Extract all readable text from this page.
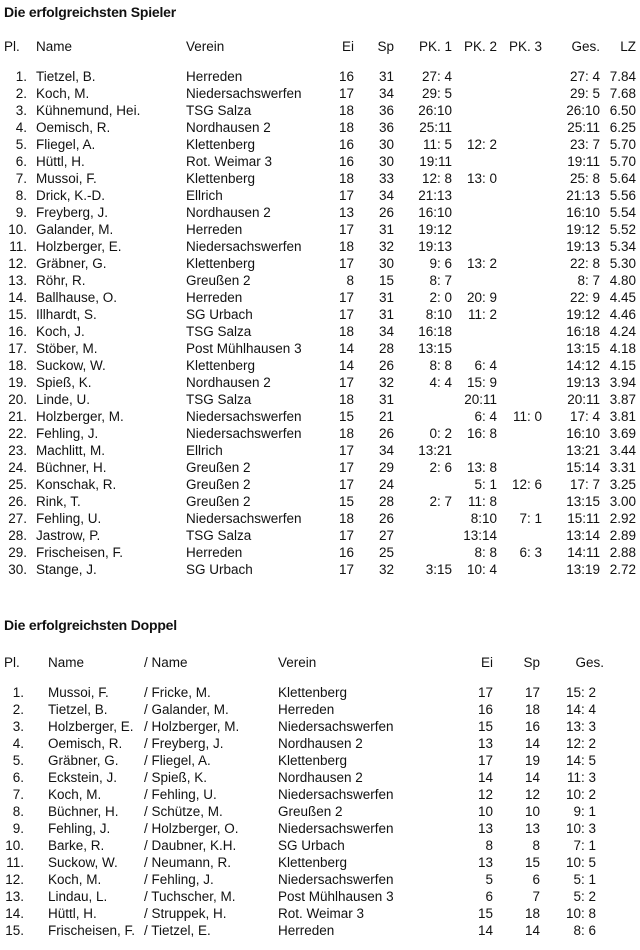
Die erfolgreichsten Spieler
Pl.	Name	Verein	Ei	Sp	PK. 1	PK. 2	PK. 3	Ges.	LZ
1.	Tietzel, B.	Herreden	16	31	27: 4			27: 4	7.84
2.	Koch, M.	Niedersachswerfen	17	34	29: 5			29: 5	7.68
3.	Kühnemund, Hei.	TSG Salza	18	36	26:10			26:10	6.50
4.	Oemisch, R.	Nordhausen 2	18	36	25:11			25:11	6.25
5.	Fliegel, A.	Klettenberg	16	30	11: 5	12: 2		23: 7	5.70
6.	Hüttl, H.	Rot. Weimar 3	16	30	19:11			19:11	5.70
7.	Mussoi, F.	Klettenberg	18	33	12: 8	13: 0		25: 8	5.64
8.	Drick, K.-D.	Ellrich	17	34	21:13			21:13	5.56
9.	Freyberg, J.	Nordhausen 2	13	26	16:10			16:10	5.54
10.	Galander, M.	Herreden	17	31	19:12			19:12	5.52
11.	Holzberger, E.	Niedersachswerfen	18	32	19:13			19:13	5.34
12.	Gräbner, G.	Klettenberg	17	30	9: 6	13: 2		22: 8	5.30
13.	Röhr, R.	Greußen 2	8	15	8: 7			8: 7	4.80
14.	Ballhause, O.	Herreden	17	31	2: 0	20: 9		22: 9	4.45
15.	Illhardt, S.	SG Urbach	17	31	8:10	11: 2		19:12	4.46
16.	Koch, J.	TSG Salza	18	34	16:18			16:18	4.24
17.	Stöber, M.	Post Mühlhausen 3	14	28	13:15			13:15	4.18
18.	Suckow, W.	Klettenberg	14	26	8: 8	6: 4		14:12	4.15
19.	Spieß, K.	Nordhausen 2	17	32	4: 4	15: 9		19:13	3.94
20.	Linde, U.	TSG Salza	18	31		20:11		20:11	3.87
21.	Holzberger, M.	Niedersachswerfen	15	21		6: 4	11: 0	17: 4	3.81
22.	Fehling, J.	Niedersachswerfen	18	26	0: 2	16: 8		16:10	3.69
23.	Machlitt, M.	Ellrich	17	34	13:21			13:21	3.44
24.	Büchner, H.	Greußen 2	17	29	2: 6	13: 8		15:14	3.31
25.	Konschak, R.	Greußen 2	17	24		5: 1	12: 6	17: 7	3.25
26.	Rink, T.	Greußen 2	15	28	2: 7	11: 8		13:15	3.00
27.	Fehling, U.	Niedersachswerfen	18	26		8:10	7: 1	15:11	2.92
28.	Jastrow, P.	TSG Salza	17	27		13:14		13:14	2.89
29.	Frischeisen, F.	Herreden	16	25		8: 8	6: 3	14:11	2.88
30.	Stange, J.	SG Urbach	17	32	3:15	10: 4		13:19	2.72
Die erfolgreichsten Doppel
Pl.	Name	/ Name	Verein	Ei	Sp	Ges.
1.	Mussoi, F.	/ Fricke, M.	Klettenberg	17	17	15: 2
2.	Tietzel, B.	/ Galander, M.	Herreden	16	18	14: 4
3.	Holzberger, E.	/ Holzberger, M.	Niedersachswerfen	15	16	13: 3
4.	Oemisch, R.	/ Freyberg, J.	Nordhausen 2	13	14	12: 2
5.	Gräbner, G.	/ Fliegel, A.	Klettenberg	17	19	14: 5
6.	Eckstein, J.	/ Spieß, K.	Nordhausen 2	14	14	11: 3
7.	Koch, M.	/ Fehling, U.	Niedersachswerfen	12	12	10: 2
8.	Büchner, H.	/ Schütze, M.	Greußen 2	10	10	9: 1
9.	Fehling, J.	/ Holzberger, O.	Niedersachswerfen	13	13	10: 3
10.	Barke, R.	/ Daubner, K.H.	SG Urbach	8	8	7: 1
11.	Suckow, W.	/ Neumann, R.	Klettenberg	13	15	10: 5
12.	Koch, M.	/ Fehling, J.	Niedersachswerfen	5	6	5: 1
13.	Lindau, L.	/ Tuchscher, M.	Post Mühlhausen 3	6	7	5: 2
14.	Hüttl, H.	/ Struppek, H.	Rot. Weimar 3	15	18	10: 8
15.	Frischeisen, F.	/ Tietzel, E.	Herreden	14	14	8: 6
